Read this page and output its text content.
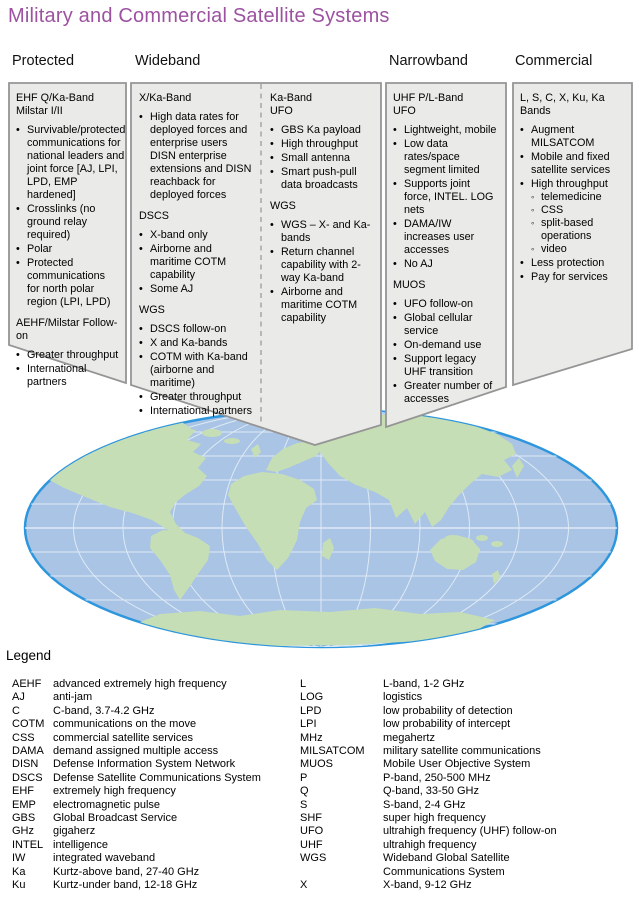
Military and Commercial Satellite Systems
Protected	Wideband	Narrowband	Commercial
EHF Q/Ka-Band
Milstar I/II
• Survivable/protected communications for national leaders and joint force [AJ, LPI, LPD, EMP hardened]
• Crosslinks (no ground relay required)
• Polar
• Protected communications for north polar region (LPI, LPD)
AEHF/Milstar Follow-on
• Greater throughput
• International partners
X/Ka-Band
• High data rates for deployed forces and enterprise users DISN enterprise extensions and DISN reachback for deployed forces
DSCS
• X-band only
• Airborne and maritime COTM capability
• Some AJ
WGS
• DSCS follow-on
• X and Ka-bands
• COTM with Ka-band (airborne and maritime)
• Greater throughput
• International partners
Ka-Band
UFO
• GBS Ka payload
• High throughput
• Small antenna
• Smart push-pull data broadcasts
WGS
• WGS – X- and Ka-bands
• Return channel capability with 2-way Ka-band
• Airborne and maritime COTM capability
UHF P/L-Band
UFO
• Lightweight, mobile
• Low data rates/space segment limited
• Supports joint force, INTEL. LOG nets
• DAMA/IW increases user accesses
• No AJ
MUOS
• UFO follow-on
• Global cellular service
• On-demand use
• Support legacy UHF transition
• Greater number of accesses
L, S, C, X, Ku, Ka
Bands
• Augment MILSATCOM
• Mobile and fixed satellite services
• High throughput
◦ telemedicine
◦ CSS
◦ split-based operations
◦ video
• Less protection
• Pay for services
Legend
AEHF	advanced extremely high frequency
AJ	anti-jam
C	C-band, 3.7-4.2 GHz
COTM communications on the move
CSS	commercial satellite services
DAMA demand assigned multiple access
DISN	Defense Information System Network
DSCS Defense Satellite Communications System
EHF	extremely high frequency
EMP	electromagnetic pulse
GBS	Global Broadcast Service
GHz	gigaherz
INTEL intelligence
IW	integrated waveband
Ka	Kurtz-above band, 27-40 GHz
Ku	Kurtz-under band, 12-18 GHz
L	L-band, 1-2 GHz
LOG	logistics
LPD	low probability of detection
LPI	low probability of intercept
MHz	megahertz
MILSATCOM	military satellite communications
MUOS	Mobile User Objective System
P	P-band, 250-500 MHz
Q	Q-band, 33-50 GHz
S	S-band, 2-4 GHz
SHF	super high frequency
UFO	ultrahigh frequency (UHF) follow-on
UHF	ultrahigh frequency
WGS	Wideband Global Satellite Communications System
X	X-band, 9-12 GHz
